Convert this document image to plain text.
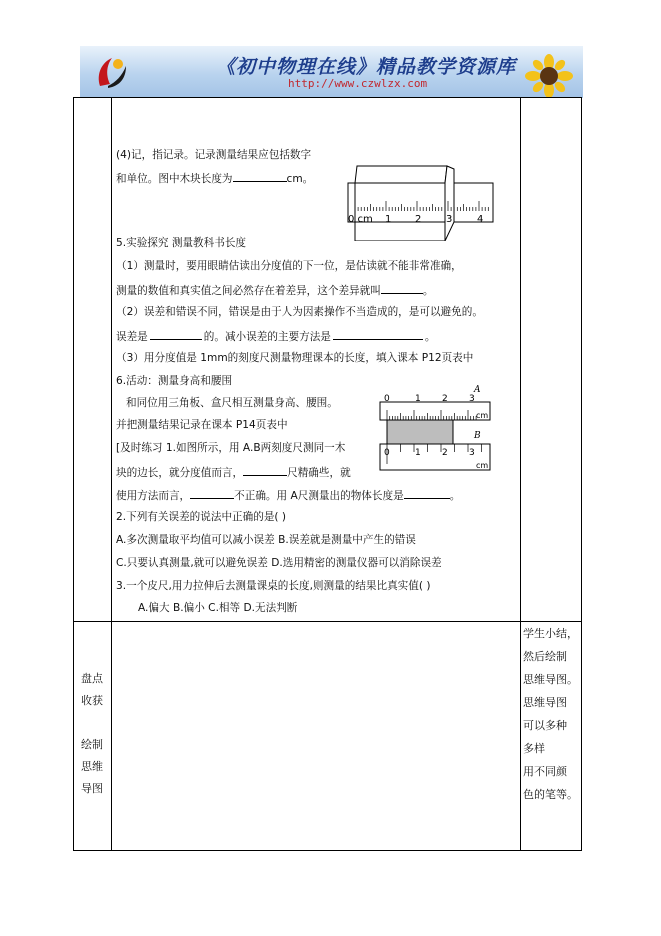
《初中物理在线》精品教学资源库
http://www.czwlzx.com
(4)记，指记录。记录测量结果应包括数字
和单位。图中木块长度为	cm。
5.实验探究 测量教科书长度
（1）测量时，要用眼睛估读出分度值的下一位，是估读就不能非常准确，
测量的数值和真实值之间必然存在着差异，这个差异就叫	。
（2）误差和错误不同，错误是由于人为因素操作不当造成的，是可以避免的。
误差是	的。减小误差的主要方法是	。
（3）用分度值是 1mm的刻度尺测量物理课本的长度，填入课本 P12页表中
6.活动：测量身高和腰围
和同位用三角板、盒尺相互测量身高、腰围。
并把测量结果记录在课本 P14页表中
[及时练习 1.如图所示，用 A.B两刻度尺测同一木
块的边长，就分度值而言，	尺精确些，就
使用方法而言，	不正确。用 A尺测量出的物体长度是	。
2.下列有关误差的说法中正确的是( )
A.多次测量取平均值可以减小误差 B.误差就是测量中产生的错误
C.只要认真测量,就可以避免误差 D.选用精密的测量仪器可以消除误差
3.一个皮尺,用力拉伸后去测量课桌的长度,则测量的结果比真实值( )
A.偏大 B.偏小 C.相等 D.无法判断
0 cm 1 2 3 4
A
B
0	1 2 3
cm
0	1 2 3
cm
盘点
收获
绘制
思维
导图
学生小结，
然后绘制
思维导图。
思维导图
可以多种
多样
用不同颜
色的笔等。
